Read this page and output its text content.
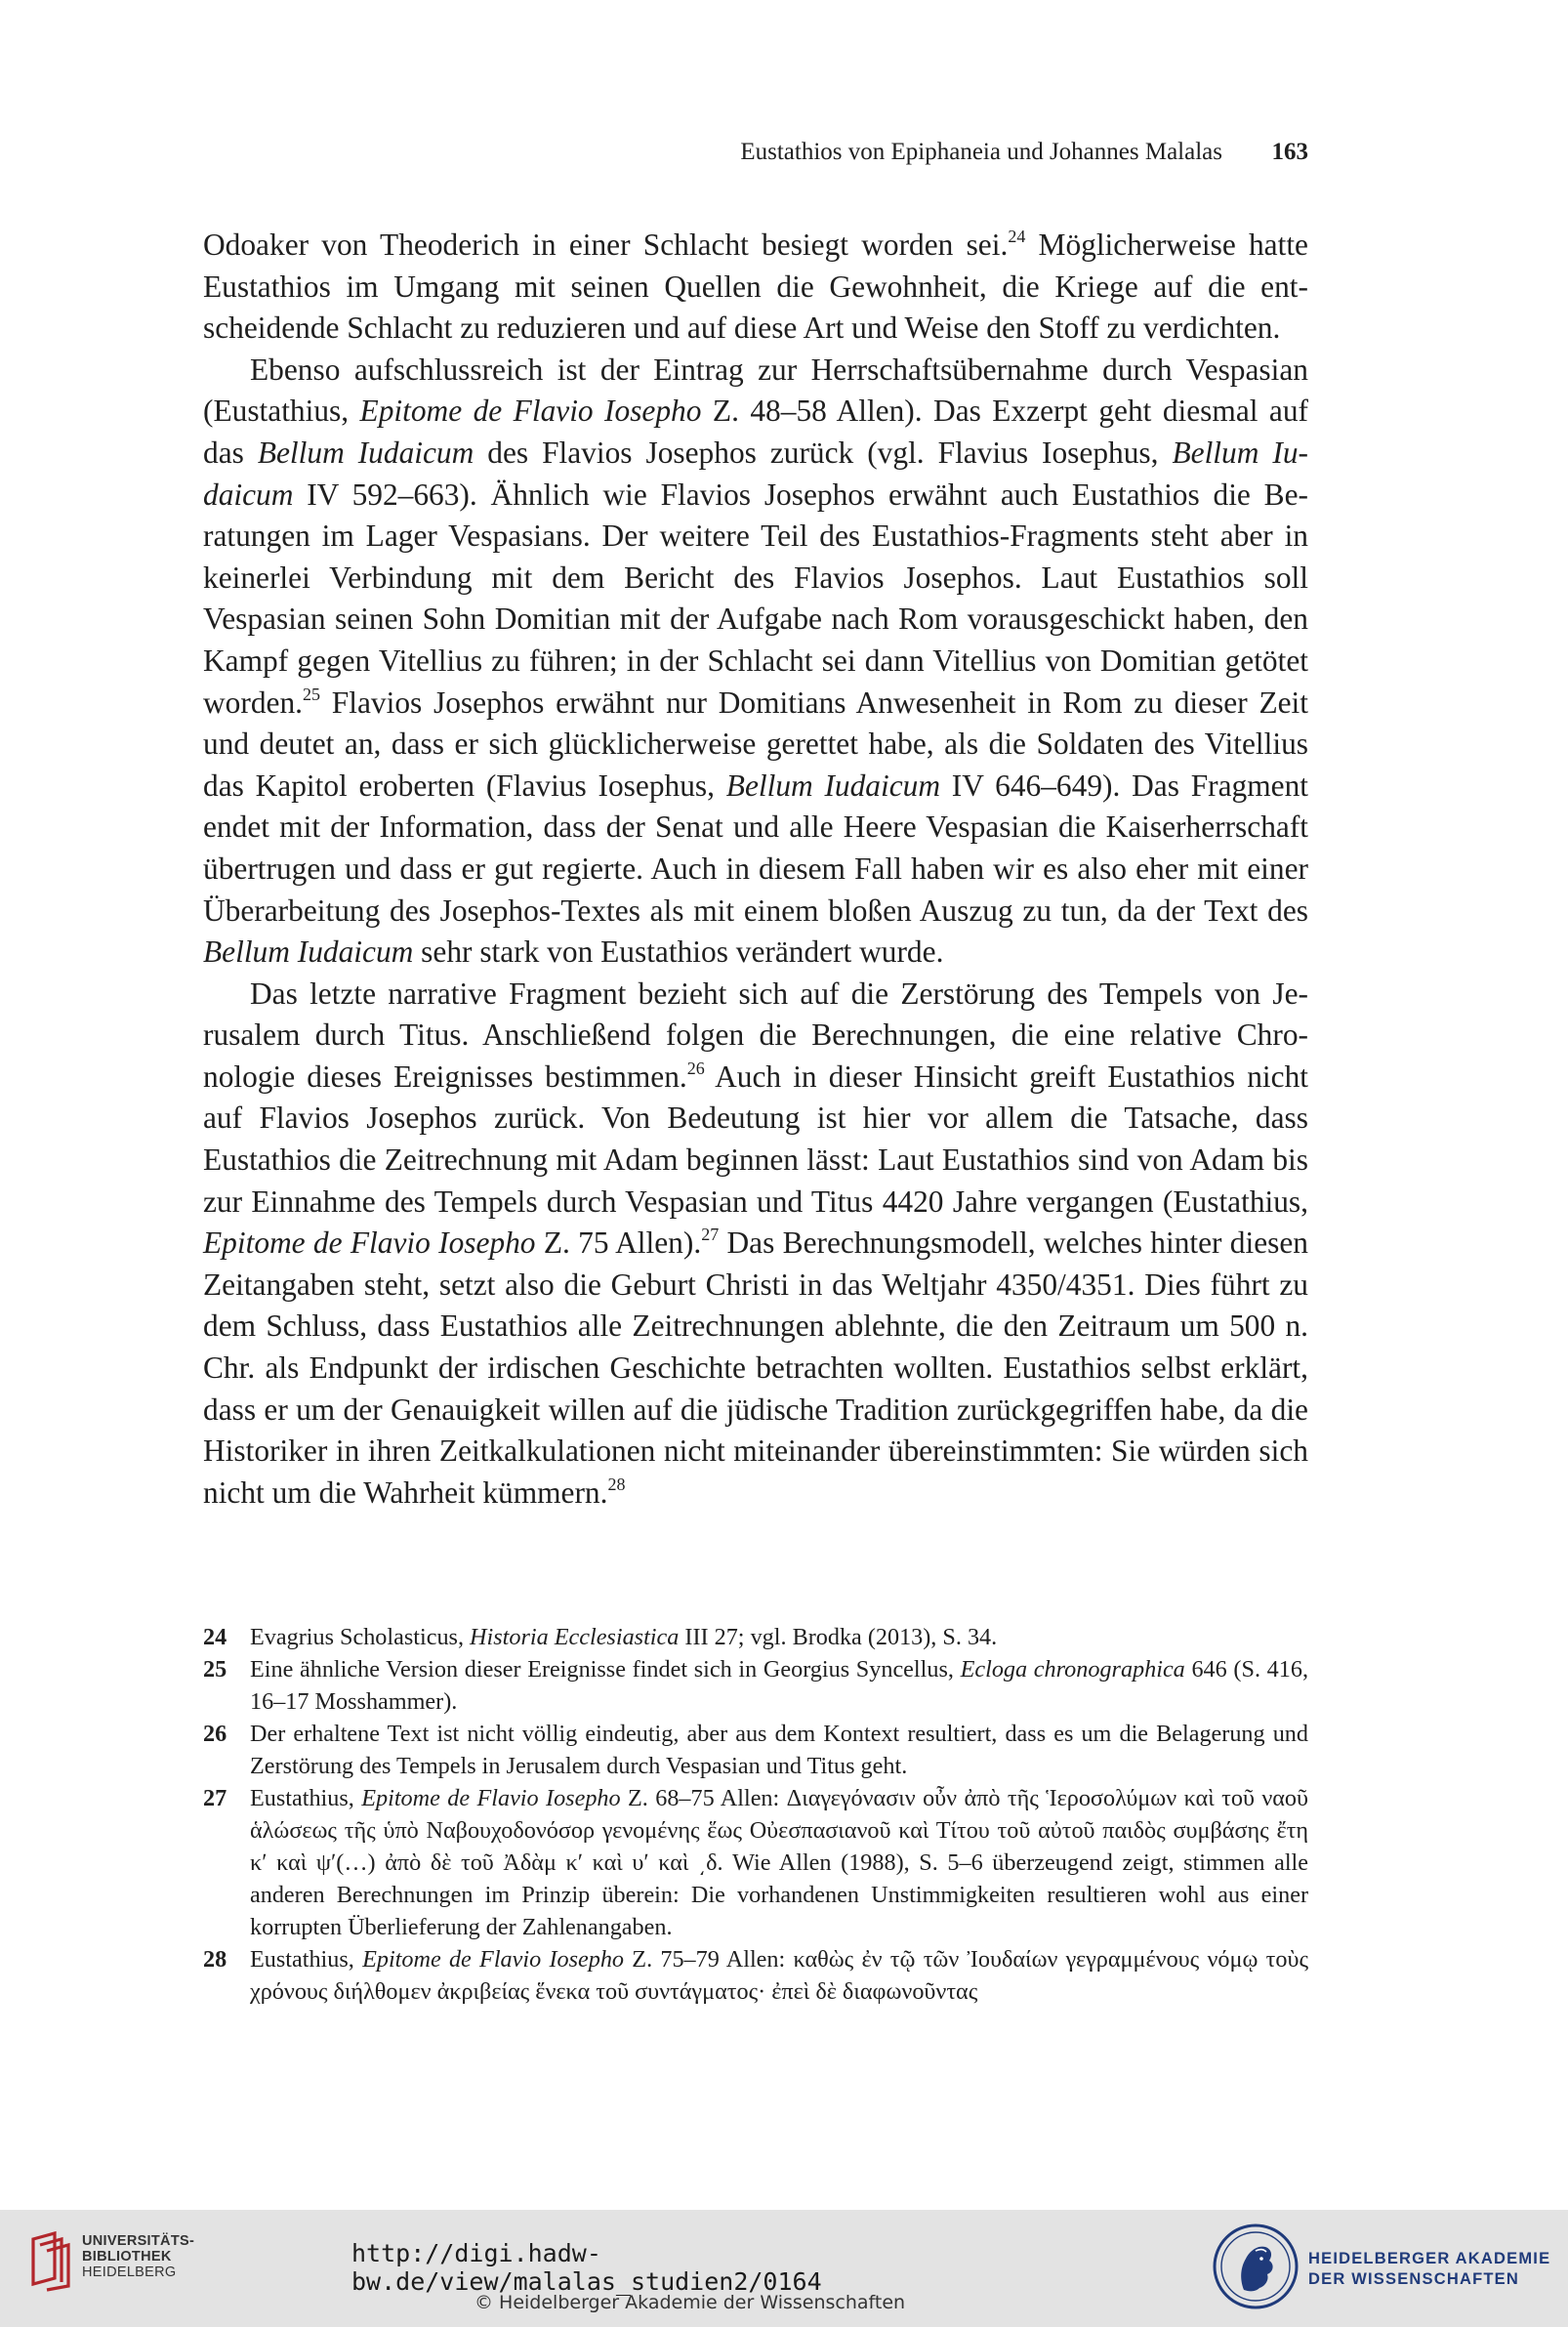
Eustathios von Epiphaneia und Johannes Malalas 163

Odoaker von Theoderich in einer Schlacht besiegt worden sei.$^{24}$ Möglicherweise hatte Eustathios im Umgang mit seinen Quellen die Gewohnheit, die Kriege auf die entscheidende Schlacht zu reduzieren und auf diese Art und Weise den Stoff zu verdichten.

Ebenso aufschlussreich ist der Eintrag zur Herrschaftsübernahme durch Vespasian (Eustathius, Epitome de Flavio Iosepho Z. 48–58 Allen). Das Exzerpt geht diesmal auf das Bellum Iudaicum des Flavios Josephos zurück (vgl. Flavius Iosephus, Bellum Iudaicum IV 592–663). Ähnlich wie Flavios Josephos erwähnt auch Eustathios die Beratungen im Lager Vespasians. Der weitere Teil des Eustathios-Fragments steht aber in keinerlei Verbindung mit dem Bericht des Flavios Josephos. Laut Eustathios soll Vespasian seinen Sohn Domitian mit der Aufgabe nach Rom vorausgeschickt haben, den Kampf gegen Vitellius zu führen; in der Schlacht sei dann Vitellius von Domitian getötet worden.$^{25}$ Flavios Josephos erwähnt nur Domitians Anwesenheit in Rom zu dieser Zeit und deutet an, dass er sich glücklicherweise gerettet habe, als die Soldaten des Vitellius das Kapitol eroberten (Flavius Iosephus, Bellum Iudaicum IV 646–649). Das Fragment endet mit der Information, dass der Senat und alle Heere Vespasian die Kaiserherrschaft übertrugen und dass er gut regierte. Auch in diesem Fall haben wir es also eher mit einer Überarbeitung des Josephos-Textes als mit einem bloßen Auszug zu tun, da der Text des Bellum Iudaicum sehr stark von Eustathios verändert wurde.

Das letzte narrative Fragment bezieht sich auf die Zerstörung des Tempels von Jerusalem durch Titus. Anschließend folgen die Berechnungen, die eine relative Chronologie dieses Ereignisses bestimmen.$^{26}$ Auch in dieser Hinsicht greift Eustathios nicht auf Flavios Josephos zurück. Von Bedeutung ist hier vor allem die Tatsache, dass Eustathios die Zeitrechnung mit Adam beginnen lässt: Laut Eustathios sind von Adam bis zur Einnahme des Tempels durch Vespasian und Titus 4420 Jahre vergangen (Eustathius, Epitome de Flavio Iosepho Z. 75 Allen).$^{27}$ Das Berechnungsmodell, welches hinter diesen Zeitangaben steht, setzt also die Geburt Christi in das Weltjahr 4350/4351. Dies führt zu dem Schluss, dass Eustathios alle Zeitrechnungen ablehnte, die den Zeitraum um 500 n. Chr. als Endpunkt der irdischen Geschichte betrachten wollten. Eustathios selbst erklärt, dass er um der Genauigkeit willen auf die jüdische Tradition zurückgegriffen habe, da die Historiker in ihren Zeitkalkulationen nicht miteinander übereinstimmten: Sie würden sich nicht um die Wahrheit kümmern.$^{28}$

24 Evagrius Scholasticus, Historia Ecclesiastica III 27; vgl. Brodka (2013), S. 34.

25 Eine ähnliche Version dieser Ereignisse findet sich in Georgius Syncellus, Ecloga chronographica 646 (S. 416, 16–17 Mosshammer).

26 Der erhaltene Text ist nicht völlig eindeutig, aber aus dem Kontext resultiert, dass es um die Belagerung und Zerstörung des Tempels in Jerusalem durch Vespasian und Titus geht.

27 Eustathius, Epitome de Flavio Iosepho Z. 68–75 Allen: Διαγεγόνασιν οὖν ἀπὸ τῆς Ἱεροσολύμων καὶ τοῦ ναοῦ ἁλώσεως τῆς ὑπὸ Ναβουχοδονόσορ γενομένης ἕως Οὐεσπασιανοῦ καὶ Τίτου τοῦ αὐτοῦ παιδὸς συμβάσης ἔτη κʹ καὶ ψʹ(…) ἀπὸ δὲ τοῦ Ἀδὰμ κʹ καὶ υʹ καὶ ͵δ. Wie Allen (1988), S. 5–6 überzeugend zeigt, stimmen alle anderen Berechnungen im Prinzip überein: Die vorhandenen Unstimmigkeiten resultieren wohl aus einer korrupten Überlieferung der Zahlenangaben.

28 Eustathius, Epitome de Flavio Iosepho Z. 75–79 Allen: καθὼς ἐν τῷ τῶν Ἰουδαίων γεγραμμένους νόμῳ τοὺς χρόνους διήλθομεν ἀκριβείας ἕνεκα τοῦ συντάγματος· ἐπεὶ δὲ διαφωνοῦντας

UNIVERSITÄTS-
BIBLIOTHEK
HEIDELBERG
http://digi.hadw-bw.de/view/malalas_studien2/0164
© Heidelberger Akademie der Wissenschaften
HEIDELBERGER AKADEMIE
DER WISSENSCHAFTEN
